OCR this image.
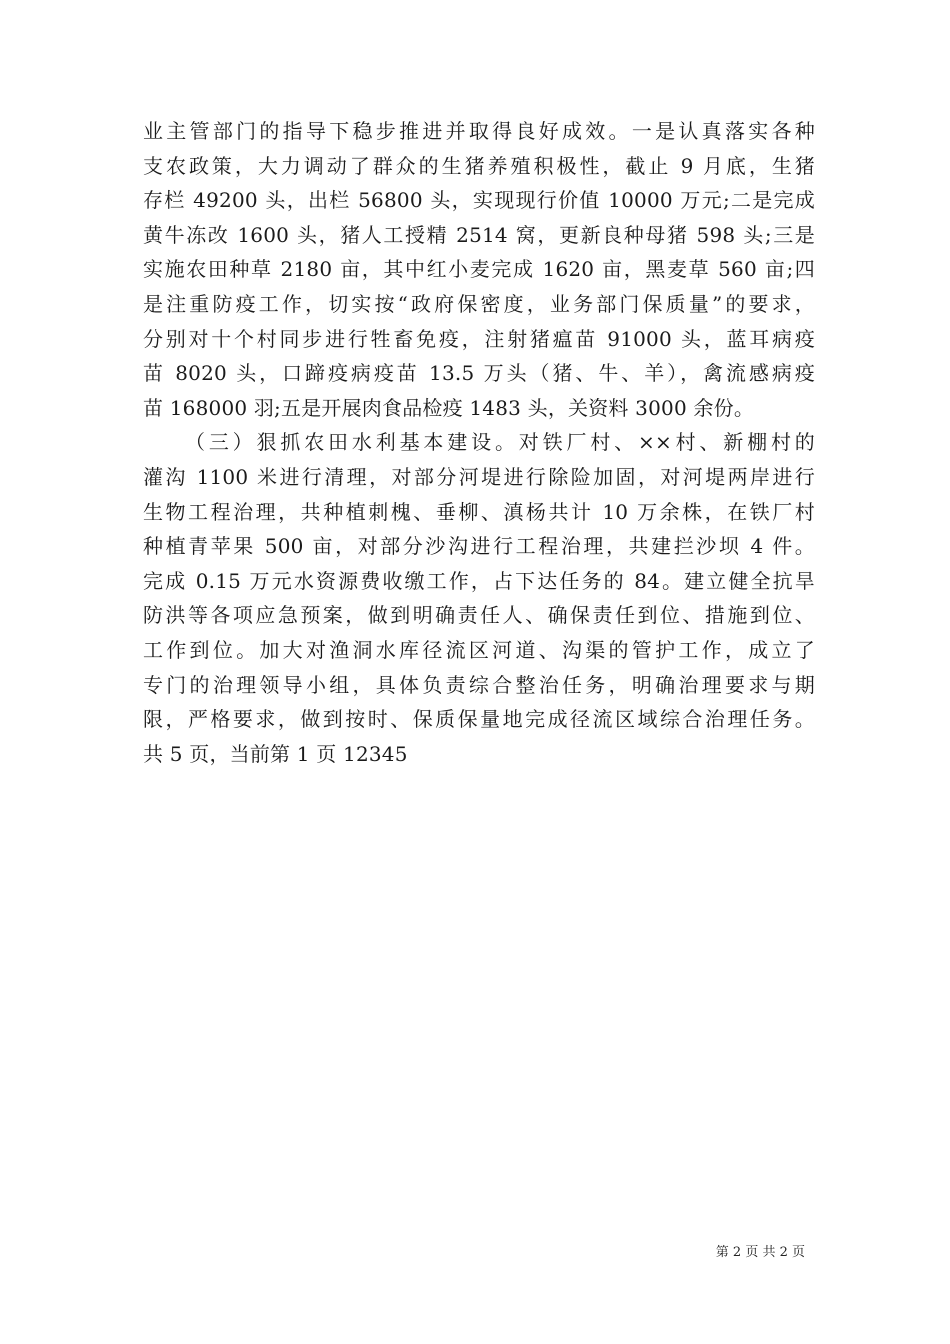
业主管部门的指导下稳步推进并取得良好成效。一是认真落实各种
支农政策，大力调动了群众的生猪养殖积极性，截止 9 月底，生猪
存栏 49200 头，出栏 56800 头，实现现行价值 10000 万元;二是完成
黄牛冻改 1600 头，猪人工授精 2514 窝，更新良种母猪 598 头;三是
实施农田种草 2180 亩，其中红小麦完成 1620 亩，黑麦草 560 亩;四
是注重防疫工作，切实按“政府保密度，业务部门保质量”的要求，
分别对十个村同步进行牲畜免疫，注射猪瘟苗 91000 头，蓝耳病疫
苗 8020 头，口蹄疫病疫苗 13.5 万头（猪、牛、羊），禽流感病疫
苗 168000 羽;五是开展肉食品检疫 1483 头，关资料 3000 余份。
（三）狠抓农田水利基本建设。对铁厂村、××村、新棚村的
灌沟 1100 米进行清理，对部分河堤进行除险加固，对河堤两岸进行
生物工程治理，共种植刺槐、垂柳、滇杨共计 10 万余株，在铁厂村
种植青苹果 500 亩，对部分沙沟进行工程治理，共建拦沙坝 4 件。
完成 0.15 万元水资源费收缴工作，占下达任务的 84。建立健全抗旱
防洪等各项应急预案，做到明确责任人、确保责任到位、措施到位、
工作到位。加大对渔洞水库径流区河道、沟渠的管护工作，成立了
专门的治理领导小组，具体负责综合整治任务，明确治理要求与期
限，严格要求，做到按时、保质保量地完成径流区域综合治理任务。
共 5 页，当前第 1 页 12345
第 2 页 共 2 页
